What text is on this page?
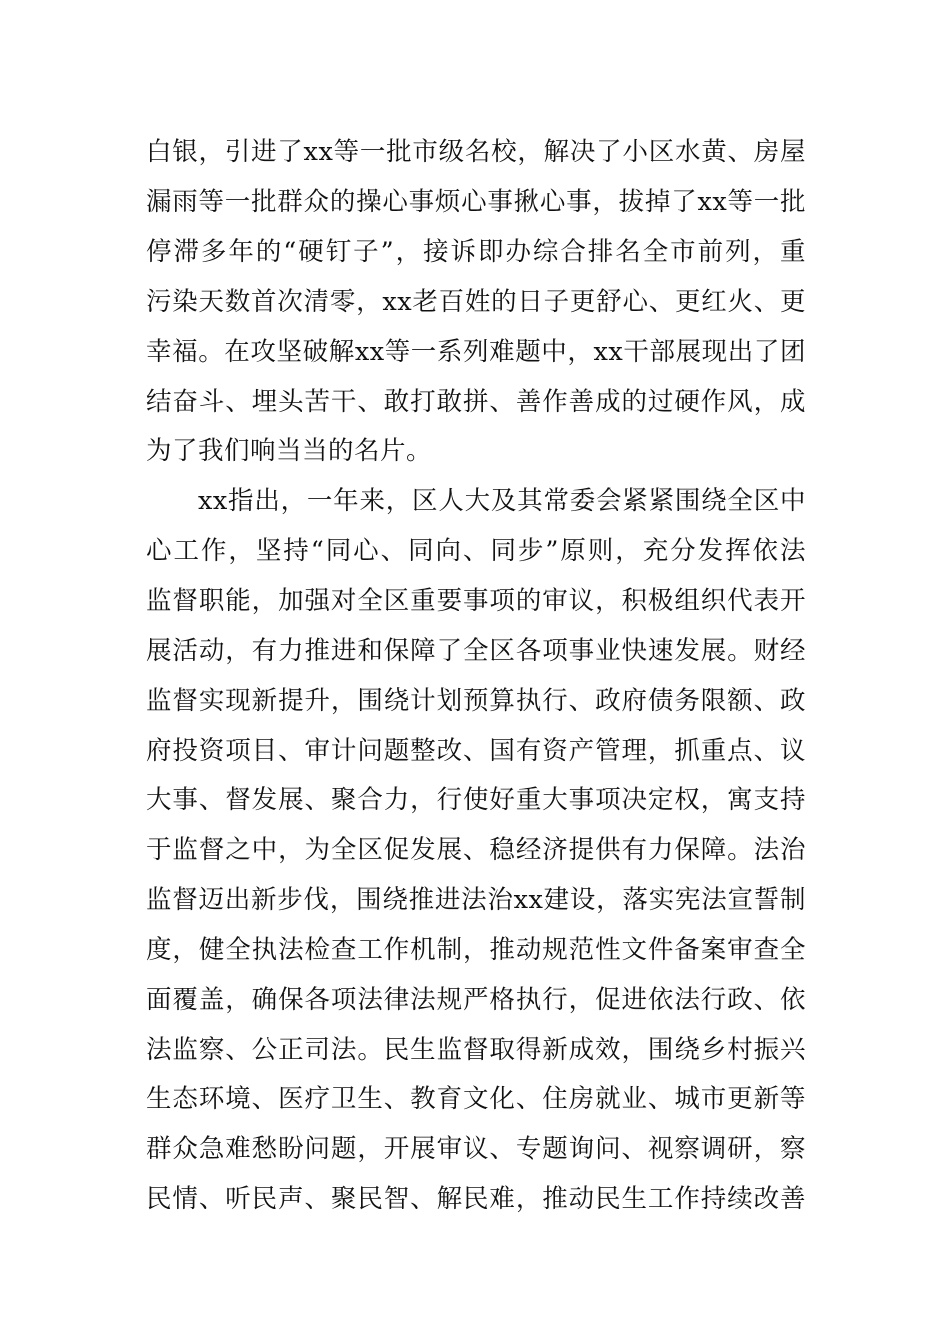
白银，引进了xx等一批市级名校，解决了小区水黄、房屋
漏雨等一批群众的操心事烦心事揪心事，拔掉了xx等一批
停滞多年的“硬钉子”，接诉即办综合排名全市前列，重
污染天数首次清零，xx老百姓的日子更舒心、更红火、更
幸福。在攻坚破解xx等一系列难题中，xx干部展现出了团
结奋斗、埋头苦干、敢打敢拼、善作善成的过硬作风，成
为了我们响当当的名片。
xx指出，一年来，区人大及其常委会紧紧围绕全区中
心工作，坚持“同心、同向、同步”原则，充分发挥依法
监督职能，加强对全区重要事项的审议，积极组织代表开
展活动，有力推进和保障了全区各项事业快速发展。财经
监督实现新提升，围绕计划预算执行、政府债务限额、政
府投资项目、审计问题整改、国有资产管理，抓重点、议
大事、督发展、聚合力，行使好重大事项决定权，寓支持
于监督之中，为全区促发展、稳经济提供有力保障。法治
监督迈出新步伐，围绕推进法治xx建设，落实宪法宣誓制
度，健全执法检查工作机制，推动规范性文件备案审查全
面覆盖，确保各项法律法规严格执行，促进依法行政、依
法监察、公正司法。民生监督取得新成效，围绕乡村振兴
生态环境、医疗卫生、教育文化、住房就业、城市更新等
群众急难愁盼问题，开展审议、专题询问、视察调研，察
民情、听民声、聚民智、解民难，推动民生工作持续改善
